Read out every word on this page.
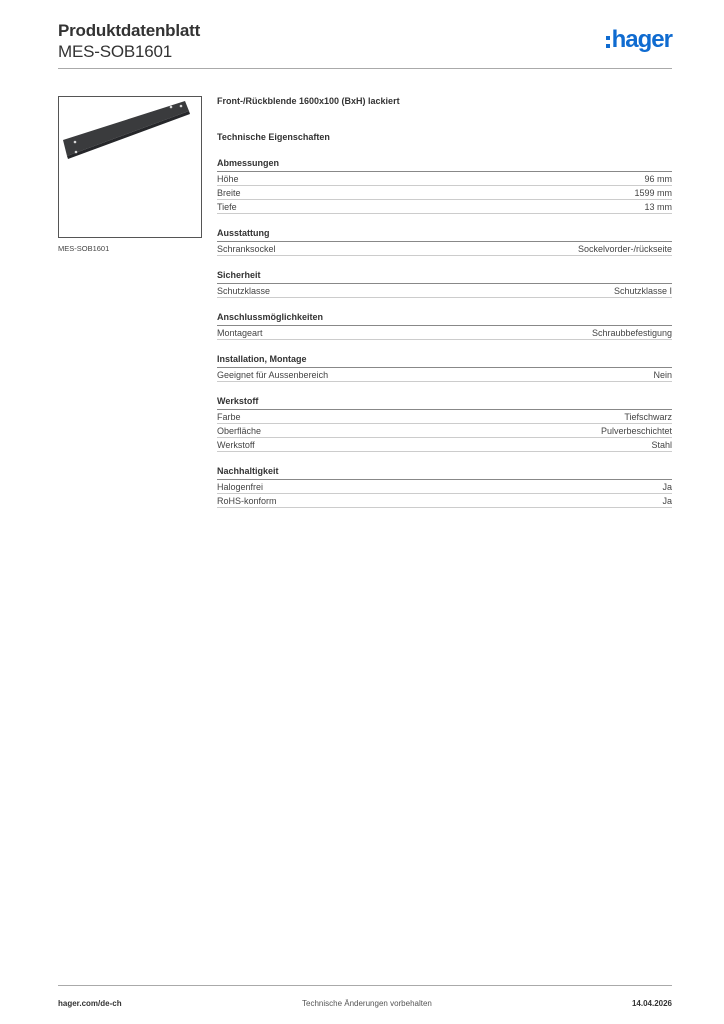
Produktdatenblatt
MES-SOB1601	hager
MES-SOB1601
Front-/Rückblende 1600x100 (BxH) lackiert
Technische Eigenschaften
Abmessungen
Höhe	96 mm
Breite	1599 mm
Tiefe	13 mm
Ausstattung
Schranksockel	Sockelvorder-/rückseite
Sicherheit
Schutzklasse	Schutzklasse I
Anschlussmöglichkeiten
Montageart	Schraubbefestigung
Installation, Montage
Geeignet für Aussenbereich	Nein
Werkstoff
Farbe	Tiefschwarz
Oberfläche	Pulverbeschichtet
Werkstoff	Stahl
Nachhaltigkeit
Halogenfrei	Ja
RoHS-konform	Ja
hager.com/de-ch	Technische Änderungen vorbehalten	14.04.2026
